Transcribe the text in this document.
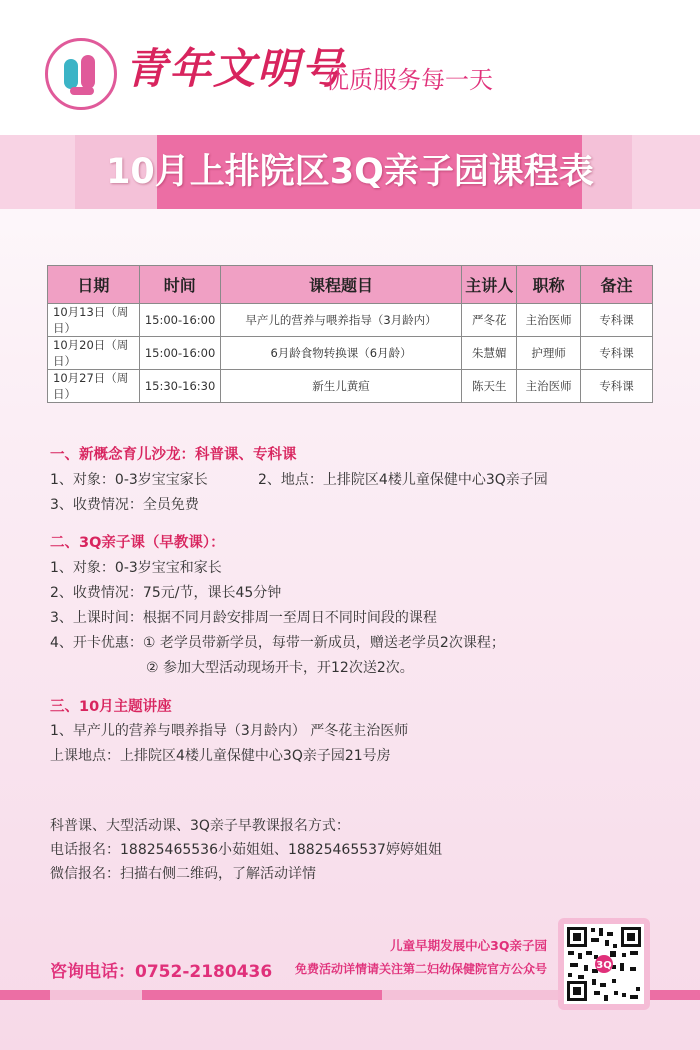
青年文明号
优质服务每一天
10月上排院区3Q亲子园课程表
日期	时间	课程题目	主讲人	职称	备注
10月13日（周日）	15:00-16:00	早产儿的营养与喂养指导（3月龄内）	严冬花	主治医师	专科课
10月20日（周日）	15:00-16:00	6月龄食物转换课（6月龄）	朱慧媚	护理师	专科课
10月27日（周日）	15:30-16:30	新生儿黄疸	陈天生	主治医师	专科课
一、新概念育儿沙龙：科普课、专科课
1、对象：0-3岁宝宝家长	2、地点：上排院区4楼儿童保健中心3Q亲子园
3、收费情况：全员免费
二、3Q亲子课（早教课）：
1、对象：0-3岁宝宝和家长
2、收费情况：75元/节，课长45分钟
3、上课时间：根据不同月龄安排周一至周日不同时间段的课程
4、开卡优惠：① 老学员带新学员，每带一新成员，赠送老学员2次课程；
② 参加大型活动现场开卡，开12次送2次。
三、10月主题讲座
1、早产儿的营养与喂养指导（3月龄内） 严冬花主治医师
上课地点：上排院区4楼儿童保健中心3Q亲子园21号房
科普课、大型活动课、3Q亲子早教课报名方式：
电话报名：18825465536小茹姐姐、18825465537婷婷姐姐
微信报名：扫描右侧二维码，了解活动详情
儿童早期发展中心3Q亲子园
免费活动详情请关注第二妇幼保健院官方公众号
咨询电话：0752-2180436	3Q
